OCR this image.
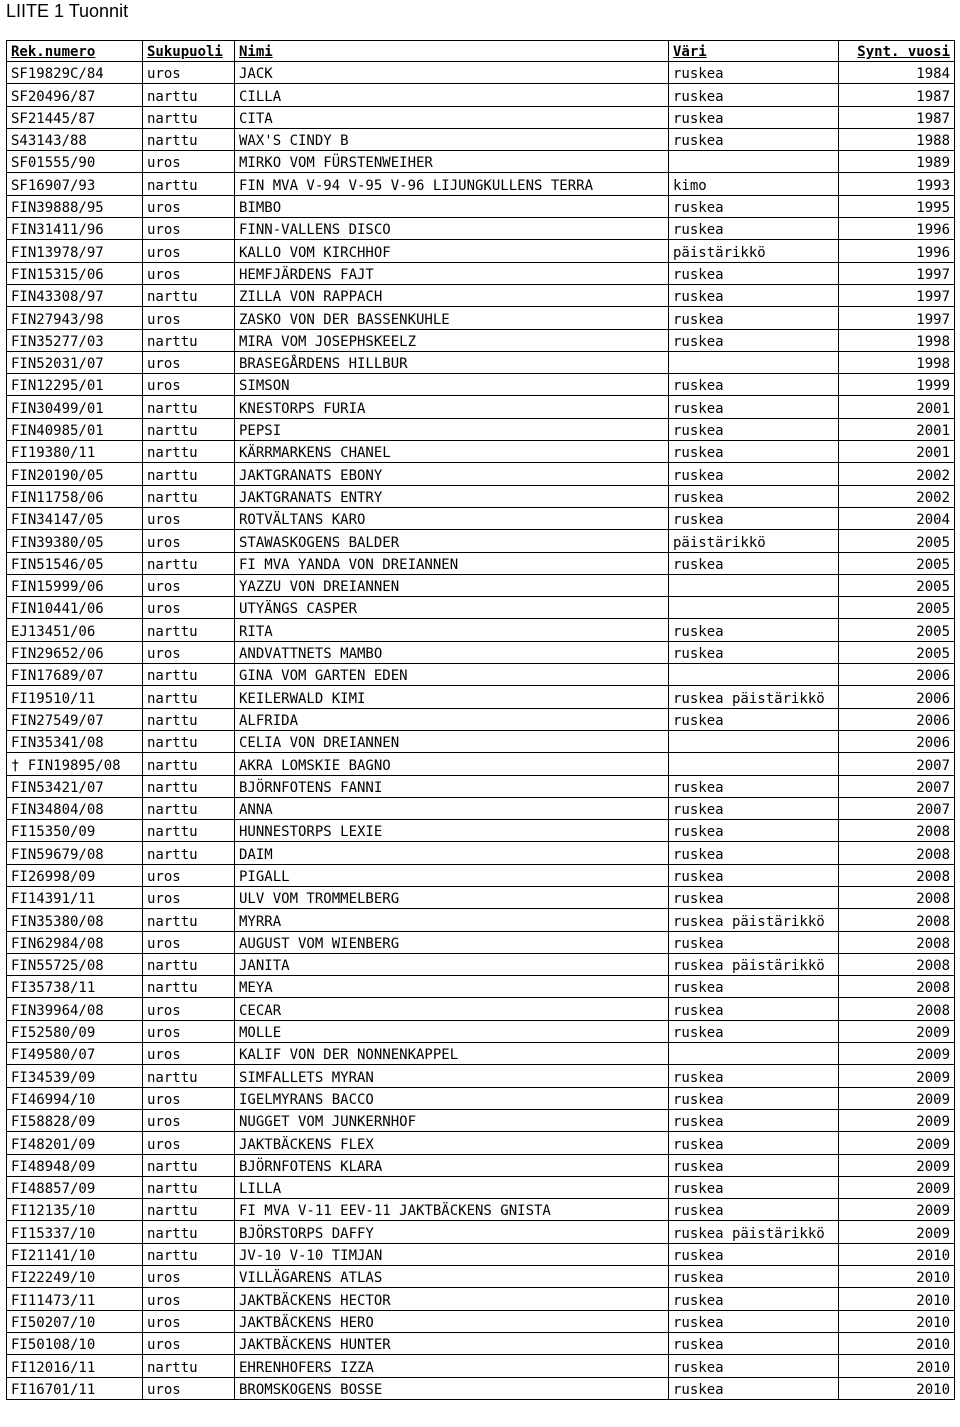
LIITE 1 Tuonnit
Rek.numero	Sukupuoli	Nimi	Väri	Synt. vuosi
SF19829C/84	uros	JACK	ruskea	1984
SF20496/87	narttu	CILLA	ruskea	1987
SF21445/87	narttu	CITA	ruskea	1987
S43143/88	narttu	WAX'S CINDY B	ruskea	1988
SF01555/90	uros	MIRKO VOM FÜRSTENWEIHER		1989
SF16907/93	narttu	FIN MVA V-94 V-95 V-96 LIJUNGKULLENS TERRA	kimo	1993
FIN39888/95	uros	BIMBO	ruskea	1995
FIN31411/96	uros	FINN-VALLENS DISCO	ruskea	1996
FIN13978/97	uros	KALLO VOM KIRCHHOF	päistärikkö	1996
FIN15315/06	uros	HEMFJÄRDENS FAJT	ruskea	1997
FIN43308/97	narttu	ZILLA VON RAPPACH	ruskea	1997
FIN27943/98	uros	ZASKO VON DER BASSENKUHLE	ruskea	1997
FIN35277/03	narttu	MIRA VOM JOSEPHSKEELZ	ruskea	1998
FIN52031/07	uros	BRASEGÅRDENS HILLBUR		1998
FIN12295/01	uros	SIMSON	ruskea	1999
FIN30499/01	narttu	KNESTORPS FURIA	ruskea	2001
FIN40985/01	narttu	PEPSI	ruskea	2001
FI19380/11	narttu	KÄRRMARKENS CHANEL	ruskea	2001
FIN20190/05	narttu	JAKTGRANATS EBONY	ruskea	2002
FIN11758/06	narttu	JAKTGRANATS ENTRY	ruskea	2002
FIN34147/05	uros	ROTVÄLTANS KARO	ruskea	2004
FIN39380/05	uros	STAWASKOGENS BALDER	päistärikkö	2005
FIN51546/05	narttu	FI MVA YANDA VON DREIANNEN	ruskea	2005
FIN15999/06	uros	YAZZU VON DREIANNEN		2005
FIN10441/06	uros	UTYÄNGS CASPER		2005
EJ13451/06	narttu	RITA	ruskea	2005
FIN29652/06	uros	ANDVATTNETS MAMBO	ruskea	2005
FIN17689/07	narttu	GINA VOM GARTEN EDEN		2006
FI19510/11	narttu	KEILERWALD KIMI	ruskea päistärikkö	2006
FIN27549/07	narttu	ALFRIDA	ruskea	2006
FIN35341/08	narttu	CELIA VON DREIANNEN		2006
† FIN19895/08	narttu	AKRA LOMSKIE BAGNO		2007
FIN53421/07	narttu	BJÖRNFOTENS FANNI	ruskea	2007
FIN34804/08	narttu	ANNA	ruskea	2007
FI15350/09	narttu	HUNNESTORPS LEXIE	ruskea	2008
FIN59679/08	narttu	DAIM	ruskea	2008
FI26998/09	uros	PIGALL	ruskea	2008
FI14391/11	uros	ULV VOM TROMMELBERG	ruskea	2008
FIN35380/08	narttu	MYRRA	ruskea päistärikkö	2008
FIN62984/08	uros	AUGUST VOM WIENBERG	ruskea	2008
FIN55725/08	narttu	JANITA	ruskea päistärikkö	2008
FI35738/11	narttu	MEYA	ruskea	2008
FIN39964/08	uros	CECAR	ruskea	2008
FI52580/09	uros	MOLLE	ruskea	2009
FI49580/07	uros	KALIF VON DER NONNENKAPPEL		2009
FI34539/09	narttu	SIMFALLETS MYRAN	ruskea	2009
FI46994/10	uros	IGELMYRANS BACCO	ruskea	2009
FI58828/09	uros	NUGGET VOM JUNKERNHOF	ruskea	2009
FI48201/09	uros	JAKTBÄCKENS FLEX	ruskea	2009
FI48948/09	narttu	BJÖRNFOTENS KLARA	ruskea	2009
FI48857/09	narttu	LILLA	ruskea	2009
FI12135/10	narttu	FI MVA V-11 EEV-11 JAKTBÄCKENS GNISTA	ruskea	2009
FI15337/10	narttu	BJÖRSTORPS DAFFY	ruskea päistärikkö	2009
FI21141/10	narttu	JV-10 V-10 TIMJAN	ruskea	2010
FI22249/10	uros	VILLÄGARENS ATLAS	ruskea	2010
FI11473/11	uros	JAKTBÄCKENS HECTOR	ruskea	2010
FI50207/10	uros	JAKTBÄCKENS HERO	ruskea	2010
FI50108/10	uros	JAKTBÄCKENS HUNTER	ruskea	2010
FI12016/11	narttu	EHRENHOFERS IZZA	ruskea	2010
FI16701/11	uros	BROMSKOGENS BOSSE	ruskea	2010
